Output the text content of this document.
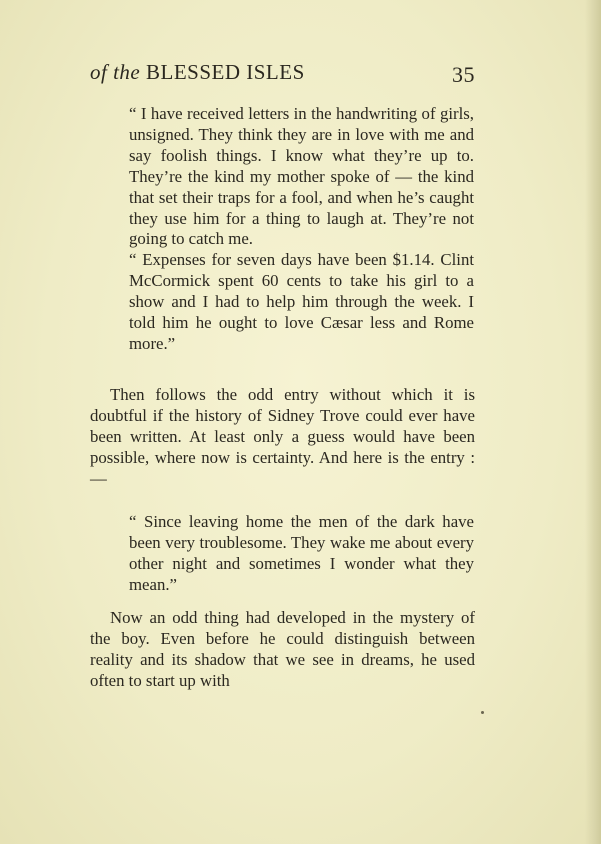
of the BLESSED ISLES	35

“ I have received letters in the handwriting of girls, unsigned. They think they are in love with me and say foolish things. I know what they’re up to. They’re the kind my mother spoke of — the kind that set their traps for a fool, and when he’s caught they use him for a thing to laugh at. They’re not going to catch me.

“ Expenses for seven days have been $1.14. Clint McCormick spent 60 cents to take his girl to a show and I had to help him through the week. I told him he ought to love Cæsar less and Rome more.”

Then follows the odd entry without which it is doubtful if the history of Sidney Trove could ever have been written. At least only a guess would have been possible, where now is certainty. And here is the entry : —

“ Since leaving home the men of the dark have been very troublesome. They wake me about every other night and sometimes I wonder what they mean.”

Now an odd thing had developed in the mystery of the boy. Even before he could distinguish between reality and its shadow that we see in dreams, he used often to start up with
